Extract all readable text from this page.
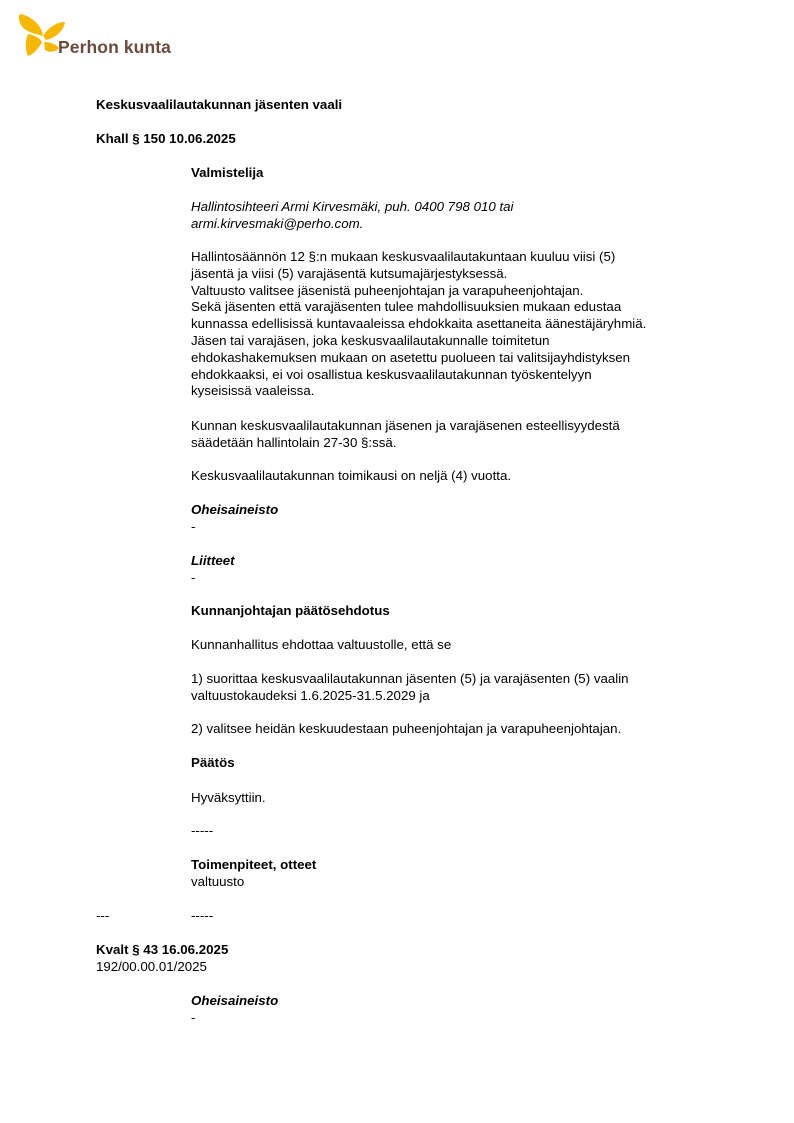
Perhon kunta
Keskusvaalilautakunnan jäsenten vaali
Khall § 150 10.06.2025
Valmistelija
Hallintosihteeri Armi Kirvesmäki, puh. 0400 798 010 tai
armi.kirvesmaki@perho.com.
Hallintosäännön 12 §:n mukaan keskusvaalilautakuntaan kuuluu viisi (5)
jäsentä ja viisi (5) varajäsentä kutsumajärjestyksessä.
Valtuusto valitsee jäsenistä puheenjohtajan ja varapuheenjohtajan.
Sekä jäsenten että varajäsenten tulee mahdollisuuksien mukaan edustaa
kunnassa edellisissä kuntavaaleissa ehdokkaita asettaneita äänestäjäryhmiä.
Jäsen tai varajäsen, joka keskusvaalilautakunnalle toimitetun
ehdokashakemuksen mukaan on asetettu puolueen tai valitsijayhdistyksen
ehdokkaaksi, ei voi osallistua keskusvaalilautakunnan työskentelyyn
kyseisissä vaaleissa.
Kunnan keskusvaalilautakunnan jäsenen ja varajäsenen esteellisyydestä
säädetään hallintolain 27-30 §:ssä.
Keskusvaalilautakunnan toimikausi on neljä (4) vuotta.
Oheisaineisto
-
Liitteet
-
Kunnanjohtajan päätösehdotus
Kunnanhallitus ehdottaa valtuustolle, että se
1) suorittaa keskusvaalilautakunnan jäsenten (5) ja varajäsenten (5) vaalin
valtuustokaudeksi 1.6.2025-31.5.2029 ja
2) valitsee heidän keskuudestaan puheenjohtajan ja varapuheenjohtajan.
Päätös
Hyväksyttiin.
-----
Toimenpiteet, otteet
valtuusto
---	-----
Kvalt § 43 16.06.2025
192/00.00.01/2025
Oheisaineisto
-
